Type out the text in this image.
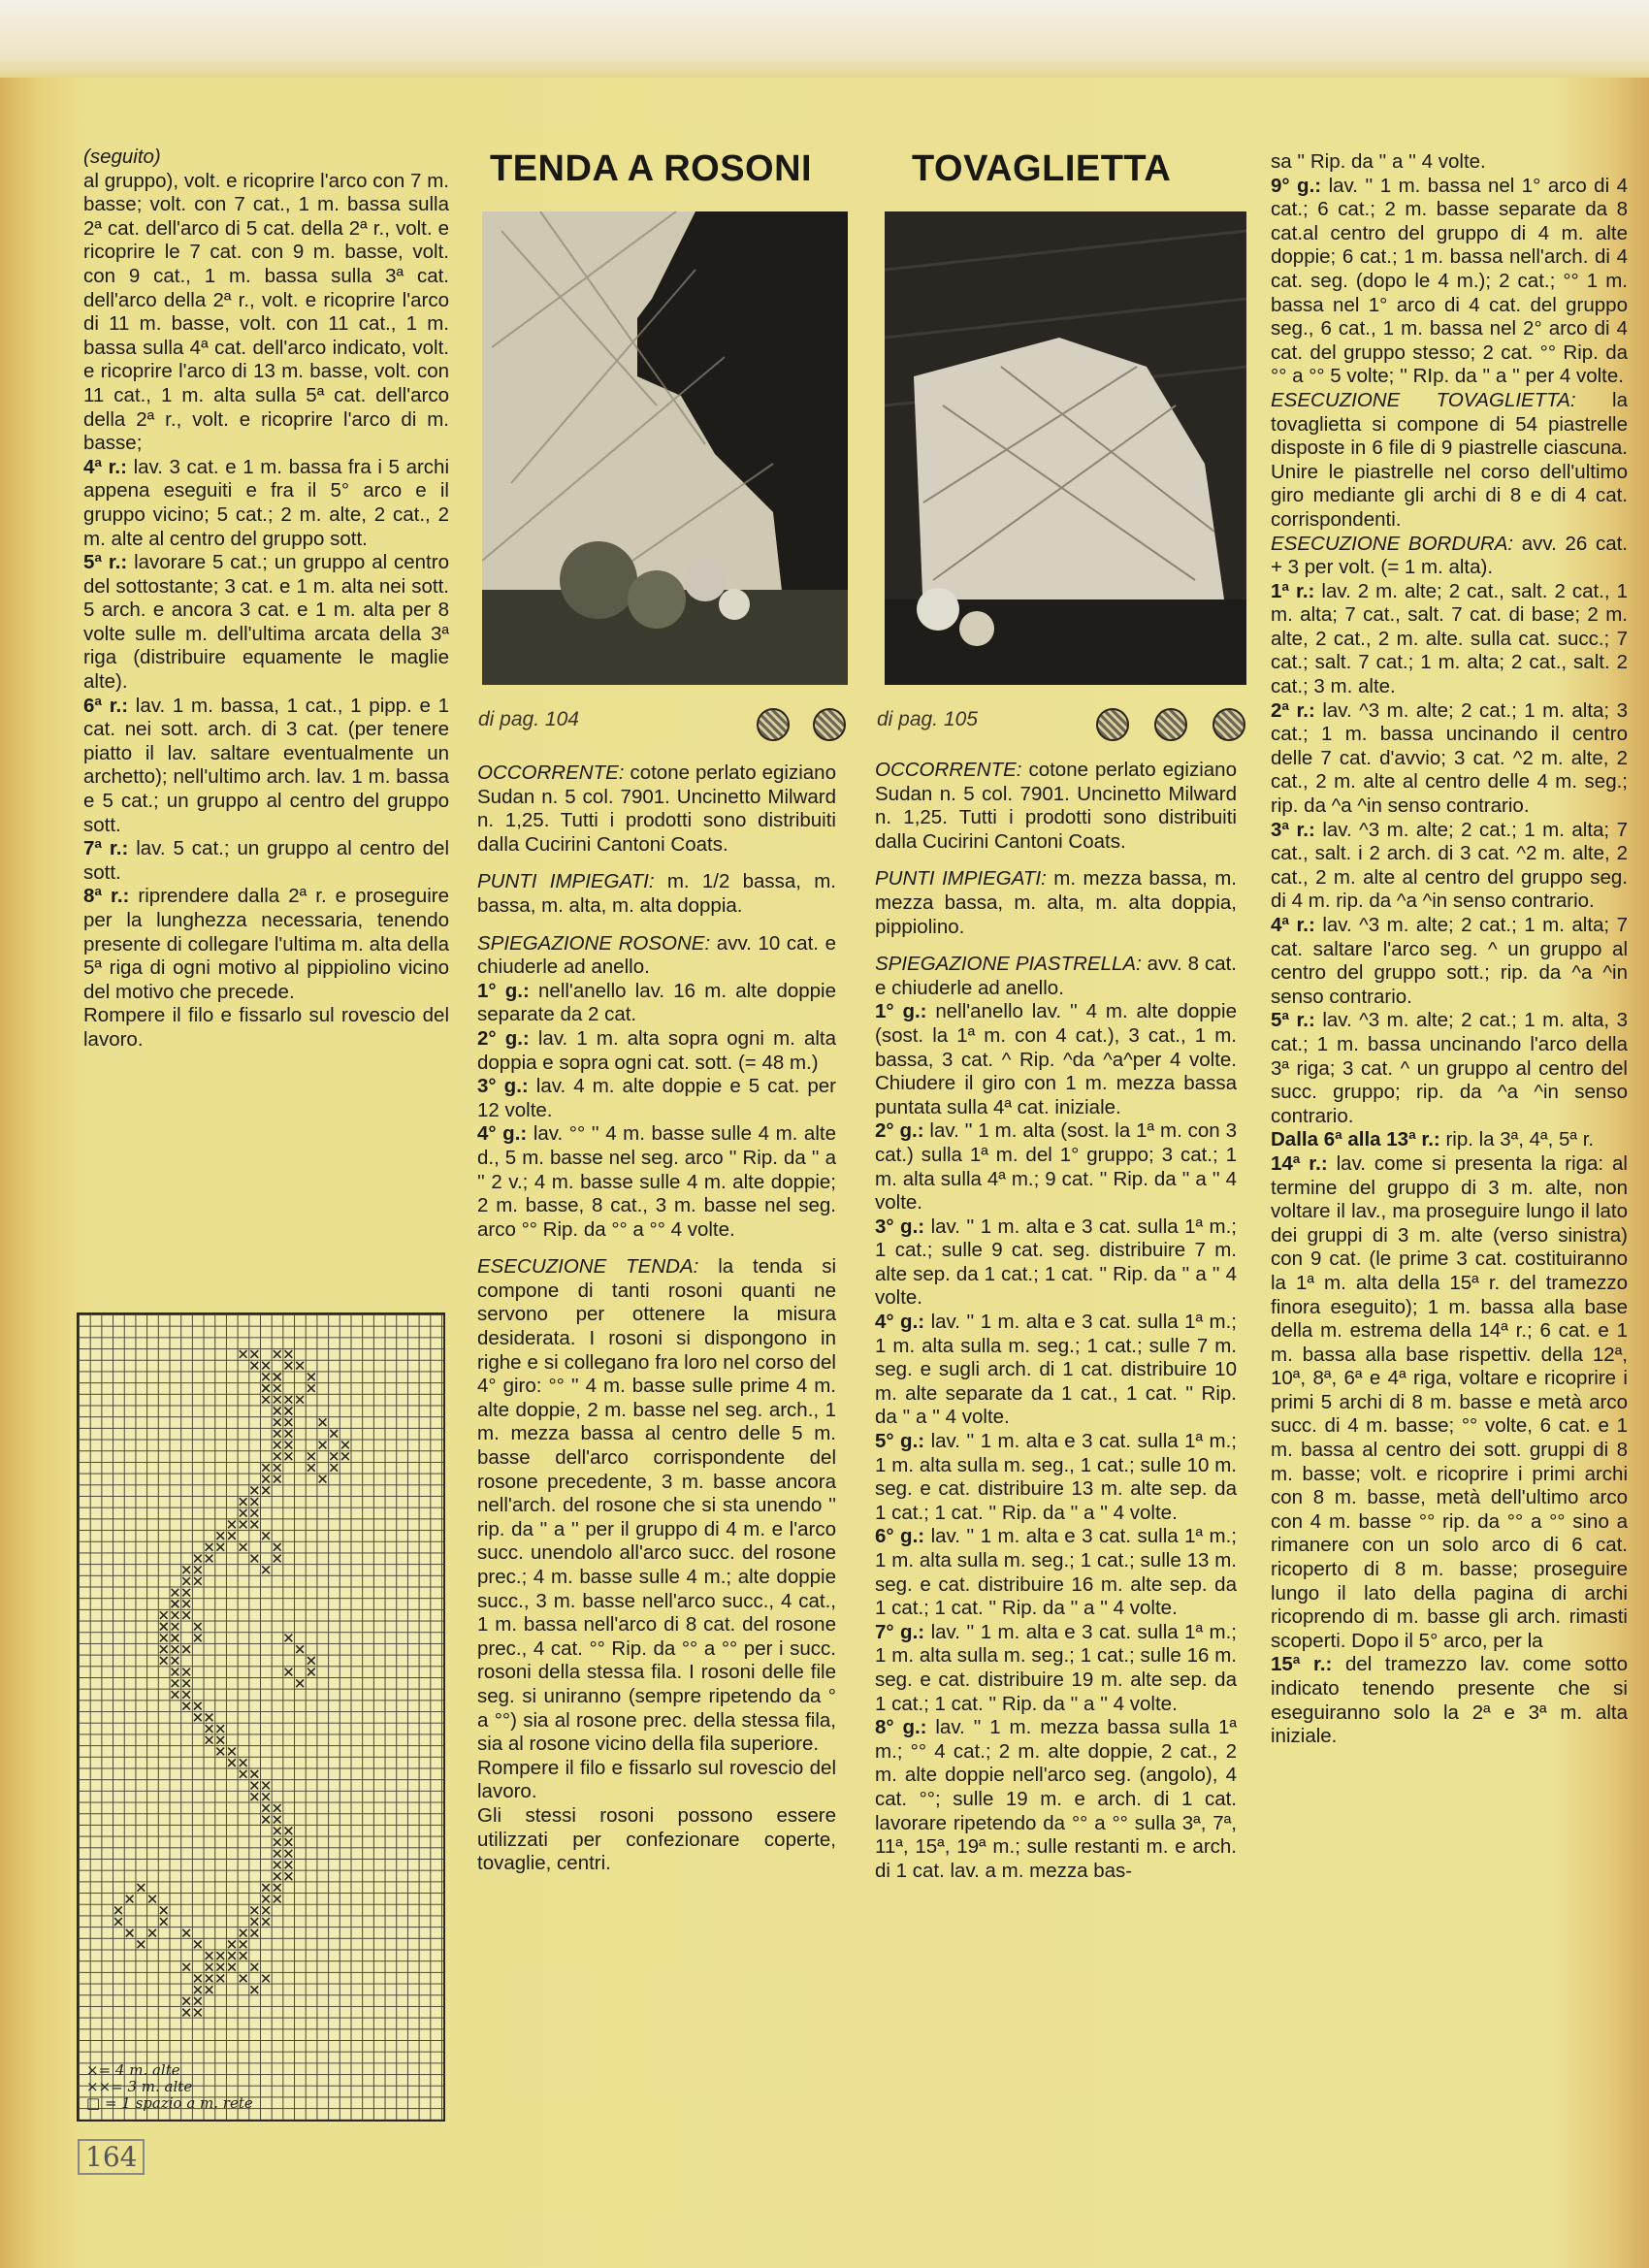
(seguito)

al gruppo), volt. e ricoprire l'arco con 7 m. basse; volt. con 7 cat., 1 m. bassa sulla 2ª cat. dell'arco di 5 cat. della 2ª r., volt. e ricoprire le 7 cat. con 9 m. basse, volt. con 9 cat., 1 m. bassa sulla 3ª cat. dell'arco della 2ª r., volt. e ricoprire l'arco di 11 m. basse, volt. con 11 cat., 1 m. bassa sulla 4ª cat. dell'arco indicato, volt. e ricoprire l'arco di 13 m. basse, volt. con 11 cat., 1 m. alta sulla 5ª cat. dell'arco della 2ª r., volt. e ricoprire l'arco di m. basse;

4ª r.: lav. 3 cat. e 1 m. bassa fra i 5 archi appena eseguiti e fra il 5° arco e il gruppo vicino; 5 cat.; 2 m. alte, 2 cat., 2 m. alte al centro del gruppo sott.

5ª r.: lavorare 5 cat.; un gruppo al centro del sottostante; 3 cat. e 1 m. alta nei sott. 5 arch. e ancora 3 cat. e 1 m. alta per 8 volte sulle m. dell'ultima arcata della 3ª riga (distribuire equamente le maglie alte).

6ª r.: lav. 1 m. bassa, 1 cat., 1 pipp. e 1 cat. nei sott. arch. di 3 cat. (per tenere piatto il lav. saltare eventualmente un archetto); nell'ultimo arch. lav. 1 m. bassa e 5 cat.; un gruppo al centro del gruppo sott.

7ª r.: lav. 5 cat.; un gruppo al centro del sott.

8ª r.: riprendere dalla 2ª r. e proseguire per la lunghezza necessaria, tenendo presente di collegare l'ultima m. alta della 5ª riga di ogni motivo al pippiolino vicino del motivo che precede.

Rompere il filo e fissarlo sul rovescio del lavoro.

TENDA A ROSONI	TOVAGLIETTA
di pag. 104	di pag. 105

OCCORRENTE: cotone perlato egiziano Sudan n. 5 col. 7901. Uncinetto Milward n. 1,25. Tutti i prodotti sono distribuiti dalla Cucirini Cantoni Coats.

PUNTI IMPIEGATI: m. 1/2 bassa, m. bassa, m. alta, m. alta doppia.

SPIEGAZIONE ROSONE: avv. 10 cat. e chiuderle ad anello.

1° g.: nell'anello lav. 16 m. alte doppie separate da 2 cat.

2° g.: lav. 1 m. alta sopra ogni m. alta doppia e sopra ogni cat. sott. (= 48 m.)

3° g.: lav. 4 m. alte doppie e 5 cat. per 12 volte.

4° g.: lav. °° '' 4 m. basse sulle 4 m. alte d., 5 m. basse nel seg. arco '' Rip. da '' a '' 2 v.; 4 m. basse sulle 4 m. alte doppie; 2 m. basse, 8 cat., 3 m. basse nel seg. arco °° Rip. da °° a °° 4 volte.

ESECUZIONE TENDA: la tenda si compone di tanti rosoni quanti ne servono per ottenere la misura desiderata. I rosoni si dispongono in righe e si collegano fra loro nel corso del 4° giro: °° '' 4 m. basse sulle prime 4 m. alte doppie, 2 m. basse nel seg. arch., 1 m. mezza bassa al centro delle 5 m. basse dell'arco corrispondente del rosone precedente, 3 m. basse ancora nell'arch. del rosone che si sta unendo '' rip. da '' a '' per il gruppo di 4 m. e l'arco succ. unendolo all'arco succ. del rosone prec.; 4 m. basse sulle 4 m.; alte doppie succ., 3 m. basse nell'arco succ., 4 cat., 1 m. bassa nell'arco di 8 cat. del rosone prec., 4 cat. °° Rip. da °° a °° per i succ. rosoni della stessa fila. I rosoni delle file seg. si uniranno (sempre ripetendo da ° a °°) sia al rosone prec. della stessa fila, sia al rosone vicino della fila superiore.

Rompere il filo e fissarlo sul rovescio del lavoro.

Gli stessi rosoni possono essere utilizzati per confezionare coperte, tovaglie, centri.

OCCORRENTE: cotone perlato egiziano Sudan n. 5 col. 7901. Uncinetto Milward n. 1,25. Tutti i prodotti sono distribuiti dalla Cucirini Cantoni Coats.

PUNTI IMPIEGATI: m. mezza bassa, m. mezza bassa, m. alta, m. alta doppia, pippiolino.

SPIEGAZIONE PIASTRELLA: avv. 8 cat. e chiuderle ad anello.

1° g.: nell'anello lav. '' 4 m. alte doppie (sost. la 1ª m. con 4 cat.), 3 cat., 1 m. bassa, 3 cat. ^ Rip. ^da ^a^per 4 volte. Chiudere il giro con 1 m. mezza bassa puntata sulla 4ª cat. iniziale.

2° g.: lav. '' 1 m. alta (sost. la 1ª m. con 3 cat.) sulla 1ª m. del 1° gruppo; 3 cat.; 1 m. alta sulla 4ª m.; 9 cat. '' Rip. da '' a '' 4 volte.

3° g.: lav. '' 1 m. alta e 3 cat. sulla 1ª m.; 1 cat.; sulle 9 cat. seg. distribuire 7 m. alte sep. da 1 cat.; 1 cat. '' Rip. da '' a '' 4 volte.

4° g.: lav. '' 1 m. alta e 3 cat. sulla 1ª m.; 1 m. alta sulla m. seg.; 1 cat.; sulle 7 m. seg. e sugli arch. di 1 cat. distribuire 10 m. alte separate da 1 cat., 1 cat. '' Rip. da '' a '' 4 volte.

5° g.: lav. '' 1 m. alta e 3 cat. sulla 1ª m.; 1 m. alta sulla m. seg., 1 cat.; sulle 10 m. seg. e cat. distribuire 13 m. alte sep. da 1 cat.; 1 cat. '' Rip. da '' a '' 4 volte.

6° g.: lav. '' 1 m. alta e 3 cat. sulla 1ª m.; 1 m. alta sulla m. seg.; 1 cat.; sulle 13 m. seg. e cat. distribuire 16 m. alte sep. da 1 cat.; 1 cat. '' Rip. da '' a '' 4 volte.

7° g.: lav. '' 1 m. alta e 3 cat. sulla 1ª m.; 1 m. alta sulla m. seg.; 1 cat.; sulle 16 m. seg. e cat. distribuire 19 m. alte sep. da 1 cat.; 1 cat. '' Rip. da '' a '' 4 volte.

8° g.: lav. '' 1 m. mezza bassa sulla 1ª m.; °° 4 cat.; 2 m. alte doppie, 2 cat., 2 m. alte doppie nell'arco seg. (angolo), 4 cat. °°; sulle 19 m. e arch. di 1 cat. lavorare ripetendo da °° a °° sulla 3ª, 7ª, 11ª, 15ª, 19ª m.; sulle restanti m. e arch. di 1 cat. lav. a m. mezza bas-

sa '' Rip. da '' a '' 4 volte.

9° g.: lav. '' 1 m. bassa nel 1° arco di 4 cat.; 6 cat.; 2 m. basse separate da 8 cat.al centro del gruppo di 4 m. alte doppie; 6 cat.; 1 m. bassa nell'arch. di 4 cat. seg. (dopo le 4 m.); 2 cat.; °° 1 m. bassa nel 1° arco di 4 cat. del gruppo seg., 6 cat., 1 m. bassa nel 2° arco di 4 cat. del gruppo stesso; 2 cat. °° Rip. da °° a °° 5 volte; '' RIp. da '' a '' per 4 volte.

ESECUZIONE TOVAGLIETTA: la tovaglietta si compone di 54 piastrelle disposte in 6 file di 9 piastrelle ciascuna. Unire le piastrelle nel corso dell'ultimo giro mediante gli archi di 8 e di 4 cat. corrispondenti.

ESECUZIONE BORDURA: avv. 26 cat. + 3 per volt. (= 1 m. alta).

1ª r.: lav. 2 m. alte; 2 cat., salt. 2 cat., 1 m. alta; 7 cat., salt. 7 cat. di base; 2 m. alte, 2 cat., 2 m. alte. sulla cat. succ.; 7 cat.; salt. 7 cat.; 1 m. alta; 2 cat., salt. 2 cat.; 3 m. alte.

2ª r.: lav. ^3 m. alte; 2 cat.; 1 m. alta; 3 cat.; 1 m. bassa uncinando il centro delle 7 cat. d'avvio; 3 cat. ^2 m. alte, 2 cat., 2 m. alte al centro delle 4 m. seg.; rip. da ^a ^in senso contrario.

3ª r.: lav. ^3 m. alte; 2 cat.; 1 m. alta; 7 cat., salt. i 2 arch. di 3 cat. ^2 m. alte, 2 cat., 2 m. alte al centro del gruppo seg. di 4 m. rip. da ^a ^in senso contrario.

4ª r.: lav. ^3 m. alte; 2 cat.; 1 m. alta; 7 cat. saltare l'arco seg. ^ un gruppo al centro del gruppo sott.; rip. da ^a ^in senso contrario.

5ª r.: lav. ^3 m. alte; 2 cat.; 1 m. alta, 3 cat.; 1 m. bassa uncinando l'arco della 3ª riga; 3 cat. ^ un gruppo al centro del succ. gruppo; rip. da ^a ^in senso contrario.

Dalla 6ª alla 13ª r.: rip. la 3ª, 4ª, 5ª r.

14ª r.: lav. come si presenta la riga: al termine del gruppo di 3 m. alte, non voltare il lav., ma proseguire lungo il lato dei gruppi di 3 m. alte (verso sinistra) con 9 cat. (le prime 3 cat. costituiranno la 1ª m. alta della 15ª r. del tramezzo finora eseguito); 1 m. bassa alla base della m. estrema della 14ª r.; 6 cat. e 1 m. bassa alla base rispettiv. della 12ª, 10ª, 8ª, 6ª e 4ª riga, voltare e ricoprire i primi 5 archi di 8 m. basse e metà arco succ. di 4 m. basse; °° volte, 6 cat. e 1 m. bassa al centro dei sott. gruppi di 8 m. basse; volt. e ricoprire i primi archi con 8 m. basse, metà dell'ultimo arco con 4 m. basse °° rip. da °° a °° sino a rimanere con un solo arco di 6 cat. ricoperto di 8 m. basse; proseguire lungo il lato della pagina di archi ricoprendo di m. basse gli arch. rimasti scoperti. Dopo il 5° arco, per la

15ª r.: del tramezzo lav. come sotto indicato tenendo presente che si eseguiranno solo la 2ª e 3ª m. alta iniziale.

×= 4 m. alte
××= 3 m. alte
□ = 1 spazio a m. rete
164
